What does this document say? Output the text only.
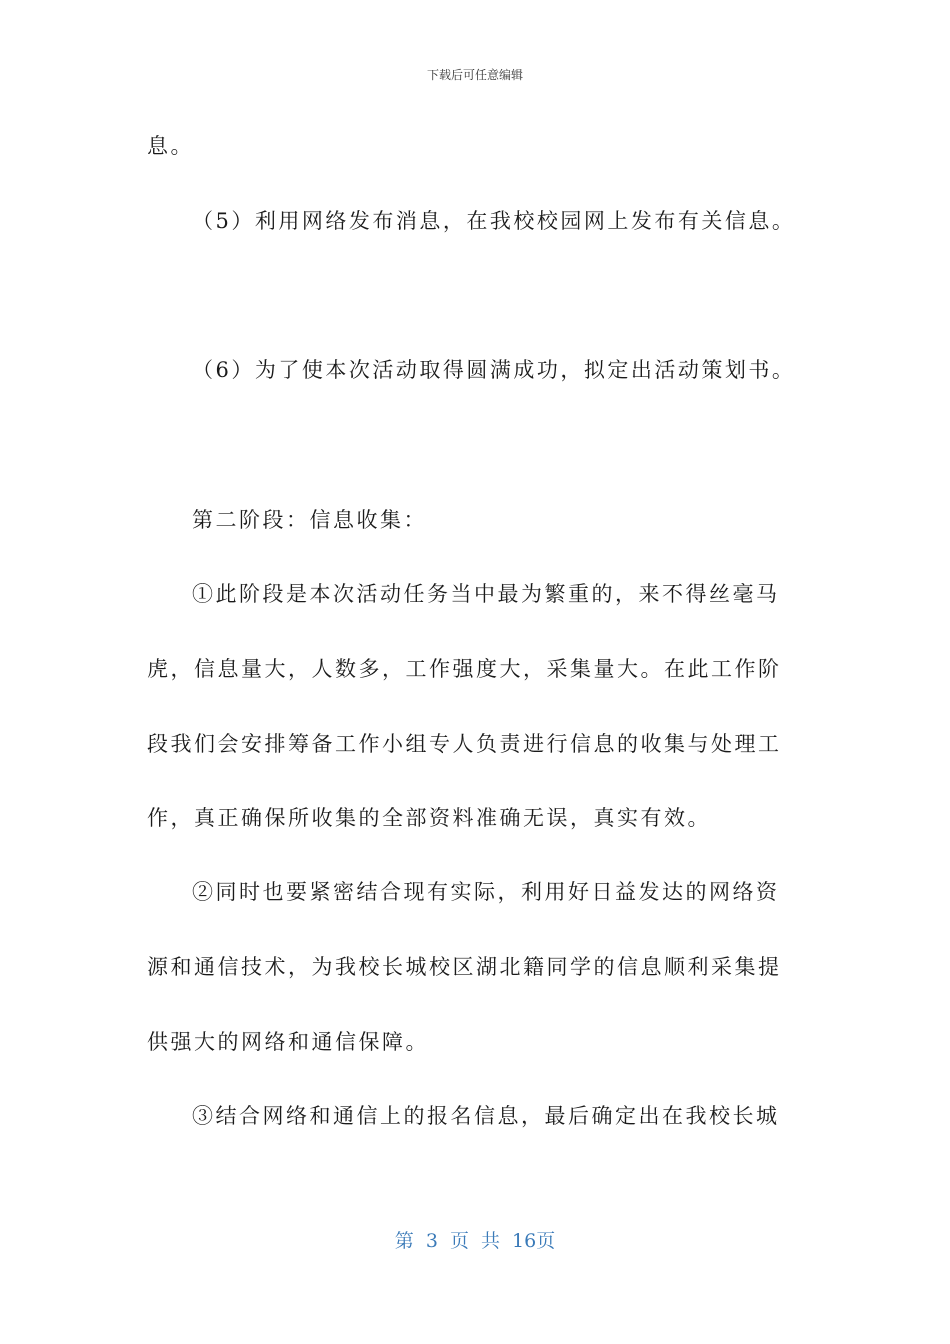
下载后可任意编辑
息。
（5）利用网络发布消息，在我校校园网上发布有关信息。
（6）为了使本次活动取得圆满成功，拟定出活动策划书。
第二阶段：信息收集：
①此阶段是本次活动任务当中最为繁重的，来不得丝毫马
虎，信息量大，人数多，工作强度大，采集量大。在此工作阶
段我们会安排筹备工作小组专人负责进行信息的收集与处理工
作，真正确保所收集的全部资料准确无误，真实有效。
②同时也要紧密结合现有实际，利用好日益发达的网络资
源和通信技术，为我校长城校区湖北籍同学的信息顺利采集提
供强大的网络和通信保障。
③结合网络和通信上的报名信息，最后确定出在我校长城
第 3 页 共 16页
